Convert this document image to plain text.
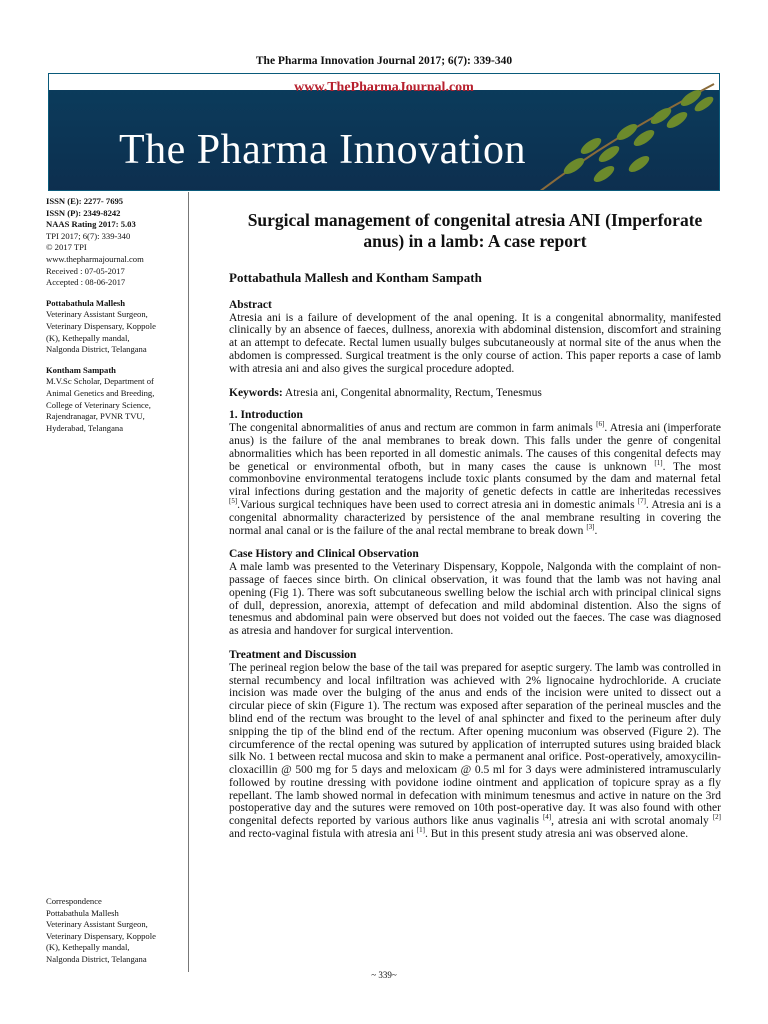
The Pharma Innovation Journal 2017; 6(7): 339-340
www.ThePharmaJournal.com
The Pharma Innovation
ISSN (E): 2277- 7695
ISSN (P): 2349-8242
NAAS Rating 2017: 5.03
TPI 2017; 6(7): 339-340
© 2017 TPI
www.thepharmajournal.com
Received : 07-05-2017
Accepted : 08-06-2017
Pottabathula Mallesh
Veterinary Assistant Surgeon,
Veterinary Dispensary, Koppole
(K), Kethepally mandal,
Nalgonda District, Telangana
Kontham Sampath
M.V.Sc Scholar, Department of
Animal Genetics and Breeding,
College of Veterinary Science,
Rajendranagar, PVNR TVU,
Hyderabad, Telangana
Correspondence
Pottabathula Mallesh
Veterinary Assistant Surgeon,
Veterinary Dispensary, Koppole
(K), Kethepally mandal,
Nalgonda District, Telangana
Surgical management of congenital atresia ANI (Imperforate anus) in a lamb: A case report
Pottabathula Mallesh and Kontham Sampath
Abstract
Atresia ani is a failure of development of the anal opening. It is a congenital abnormality, manifested clinically by an absence of faeces, dullness, anorexia with abdominal distension, discomfort and straining at an attempt to defecate. Rectal lumen usually bulges subcutaneously at normal site of the anus when the abdomen is compressed. Surgical treatment is the only course of action. This paper reports a case of lamb with atresia ani and also gives the surgical procedure adopted.
Keywords: Atresia ani, Congenital abnormality, Rectum, Tenesmus
1. Introduction
The congenital abnormalities of anus and rectum are common in farm animals [6]. Atresia ani (imperforate anus) is the failure of the anal membranes to break down. This falls under the genre of congenital abnormalities which has been reported in all domestic animals. The causes of this congenital defects may be genetical or environmental ofboth, but in many cases the cause is unknown [1]. The most commonbovine environmental teratogens include toxic plants consumed by the dam and maternal fetal viral infections during gestation and the majority of genetic defects in cattle are inheritedas recessives [5].Various surgical techniques have been used to correct atresia ani in domestic animals [7]. Atresia ani is a congenital abnormality characterized by persistence of the anal membrane resulting in covering the normal anal canal or is the failure of the anal rectal membrane to break down [3].
Case History and Clinical Observation
A male lamb was presented to the Veterinary Dispensary, Koppole, Nalgonda with the complaint of non-passage of faeces since birth. On clinical observation, it was found that the lamb was not having anal opening (Fig 1). There was soft subcutaneous swelling below the ischial arch with principal clinical signs of dull, depression, anorexia, attempt of defecation and mild abdominal distention. Also the signs of tenesmus and abdominal pain were observed but does not voided out the faeces. The case was diagnosed as atresia and handover for surgical intervention.
Treatment and Discussion
The perineal region below the base of the tail was prepared for aseptic surgery. The lamb was controlled in sternal recumbency and local infiltration was achieved with 2% lignocaine hydrochloride. A cruciate incision was made over the bulging of the anus and ends of the incision were united to dissect out a circular piece of skin (Figure 1). The rectum was exposed after separation of the perineal muscles and the blind end of the rectum was brought to the level of anal sphincter and fixed to the perineum after duly snipping the tip of the blind end of the rectum. After opening muconium was observed (Figure 2). The circumference of the rectal opening was sutured by application of interrupted sutures using braided black silk No. 1 between rectal mucosa and skin to make a permanent anal orifice. Post-operatively, amoxycilin-cloxacillin @ 500 mg for 5 days and meloxicam @ 0.5 ml for 3 days were administered intramuscularly followed by routine dressing with povidone iodine ointment and application of topicure spray as a fly repellant. The lamb showed normal in defecation with minimum tenesmus and active in nature on the 3rd postoperative day and the sutures were removed on 10th post-operative day. It was also found with other congenital defects reported by various authors like anus vaginalis [4], atresia ani with scrotal anomaly [2] and recto-vaginal fistula with atresia ani [1]. But in this present study atresia ani was observed alone.
~ 339~
